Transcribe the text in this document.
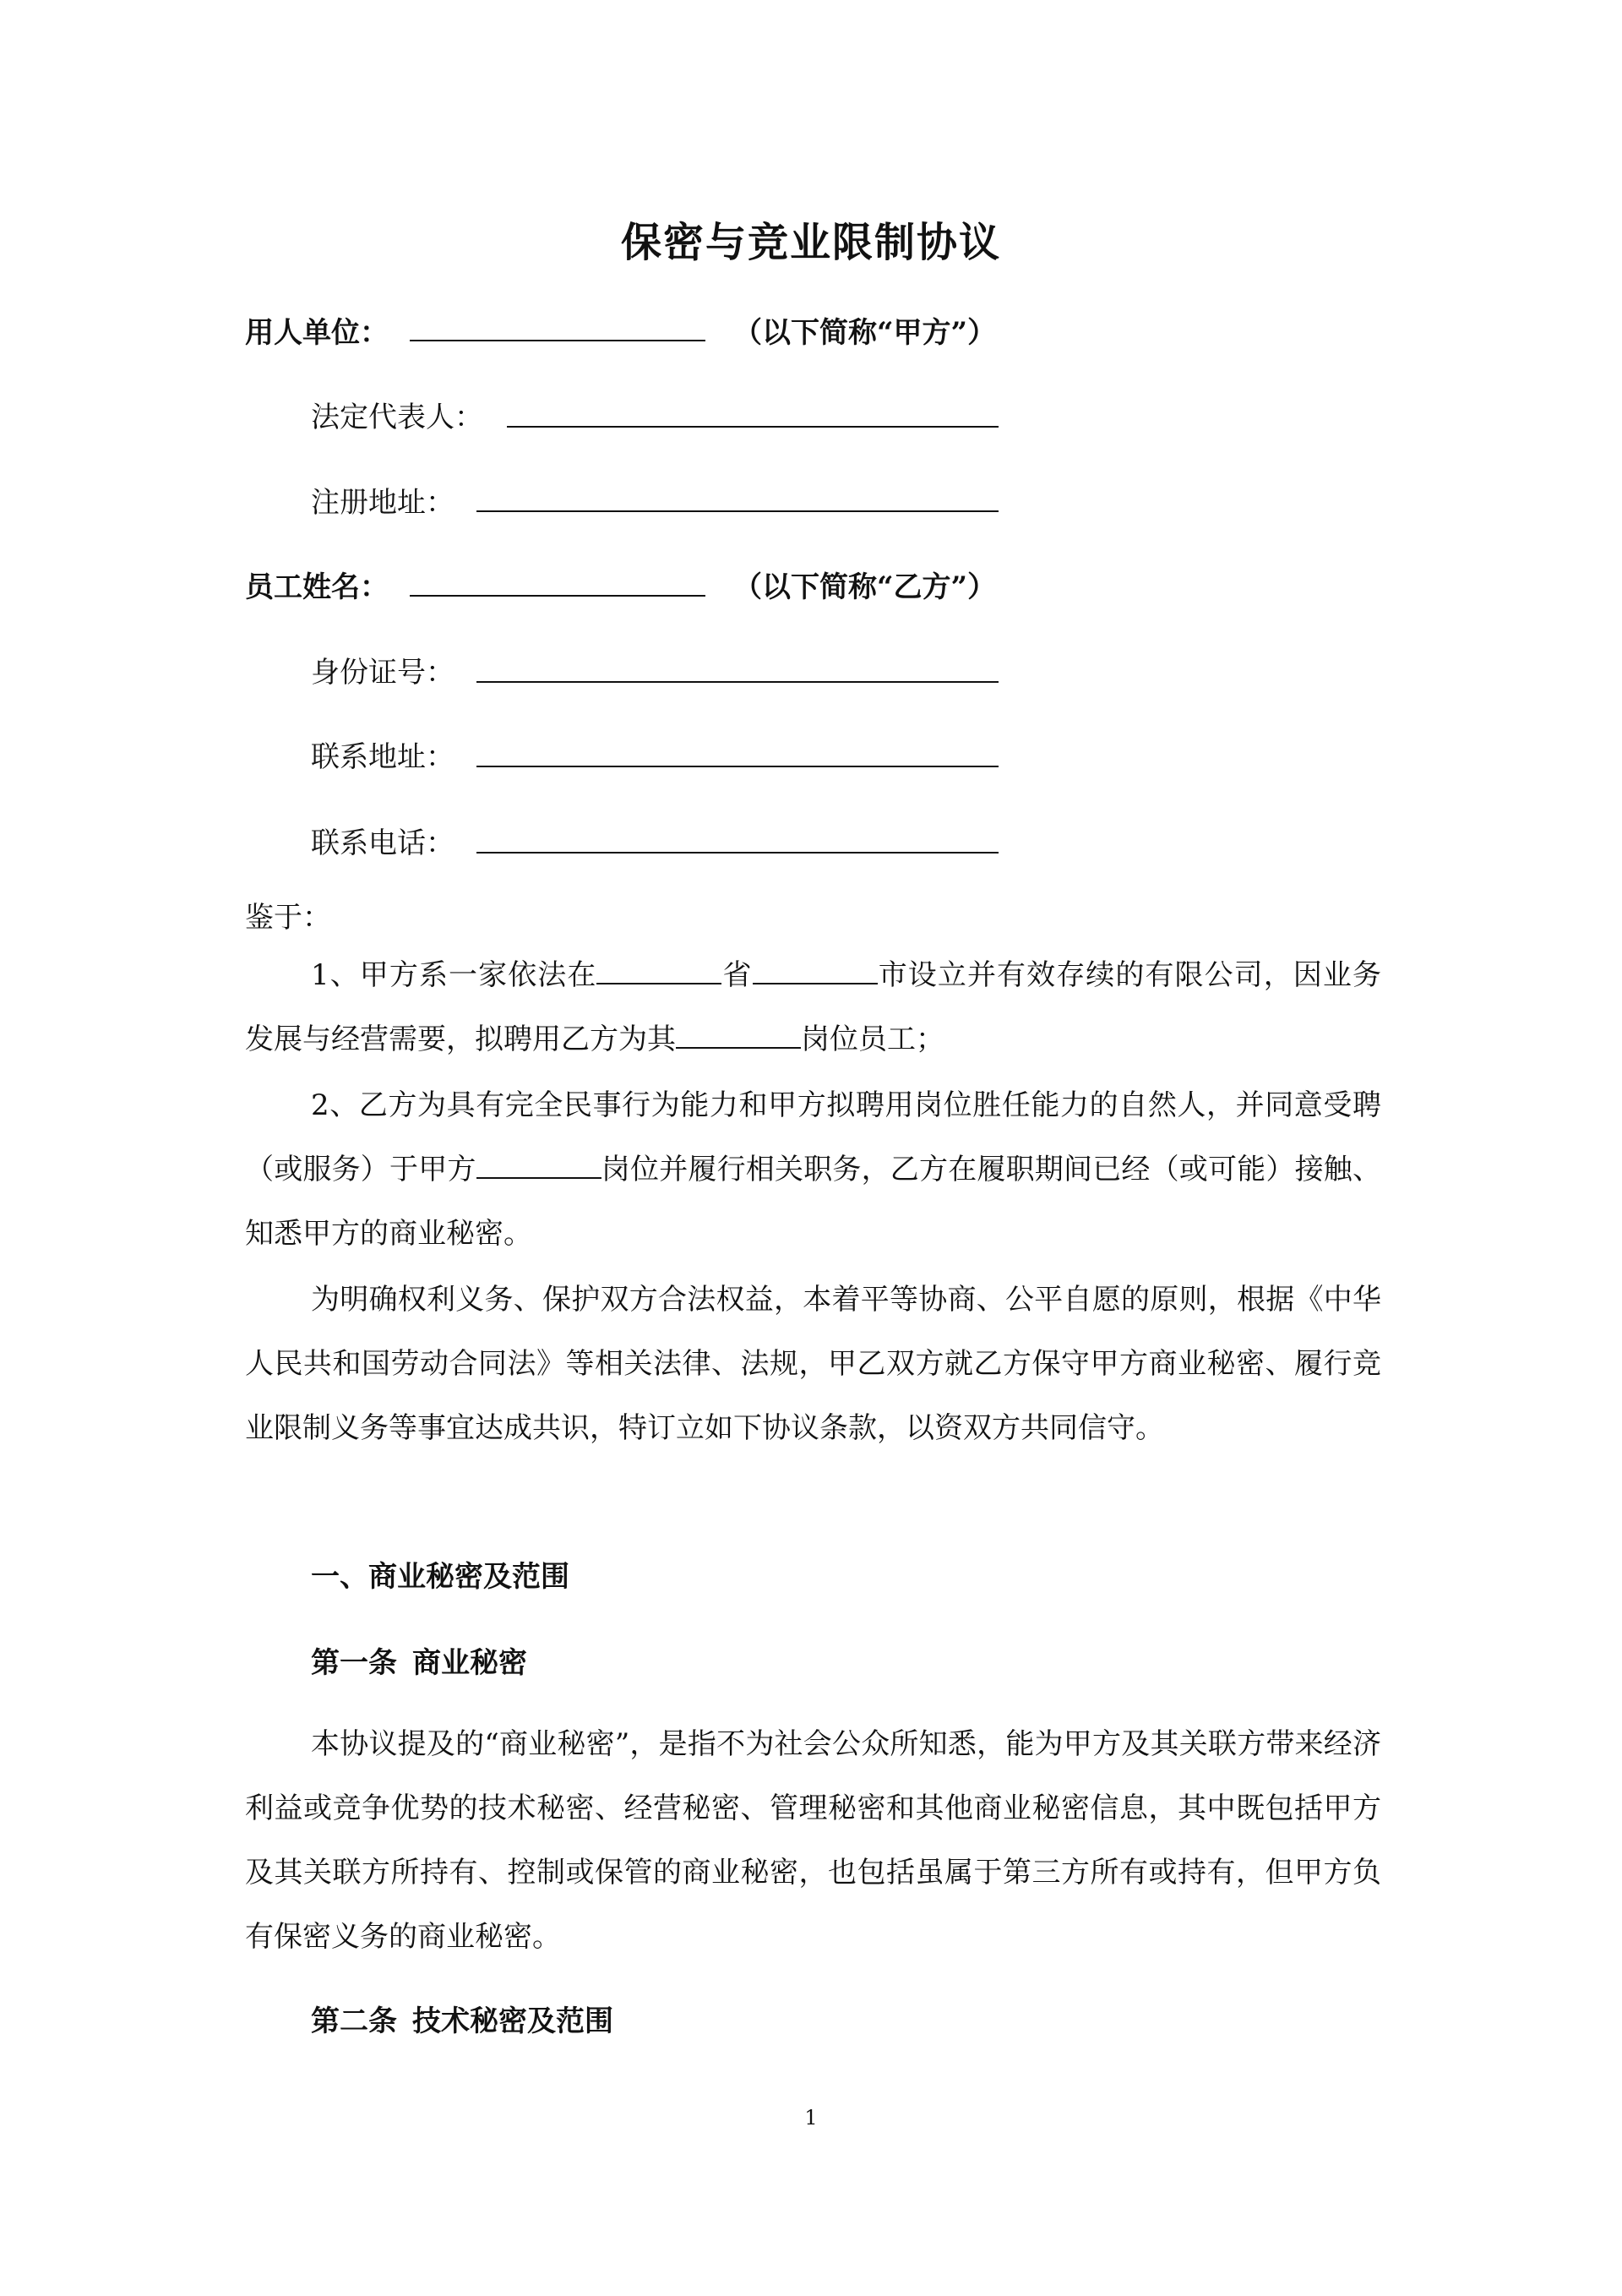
保密与竞业限制协议
用人单位：	（以下简称“甲方”）
法定代表人：
注册地址：
员工姓名：	（以下简称“乙方”）
身份证号：
联系地址：
联系电话：
鉴于：
1、甲方系一家依法在	省	市设立并有效存续的有限公司，因业务发展与经营需要，拟聘用乙方为其	岗位员工；
2、乙方为具有完全民事行为能力和甲方拟聘用岗位胜任能力的自然人，并同意受聘（或服务）于甲方	岗位并履行相关职务，乙方在履职期间已经（或可能）接触、知悉甲方的商业秘密。
为明确权利义务、保护双方合法权益，本着平等协商、公平自愿的原则，根据《中华人民共和国劳动合同法》等相关法律、法规，甲乙双方就乙方保守甲方商业秘密、履行竞业限制义务等事宜达成共识，特订立如下协议条款，以资双方共同信守。
一、商业秘密及范围
第一条 商业秘密
本协议提及的“商业秘密”，是指不为社会公众所知悉，能为甲方及其关联方带来经济利益或竞争优势的技术秘密、经营秘密、管理秘密和其他商业秘密信息，其中既包括甲方及其关联方所持有、控制或保管的商业秘密，也包括虽属于第三方所有或持有，但甲方负有保密义务的商业秘密。
第二条 技术秘密及范围
1
